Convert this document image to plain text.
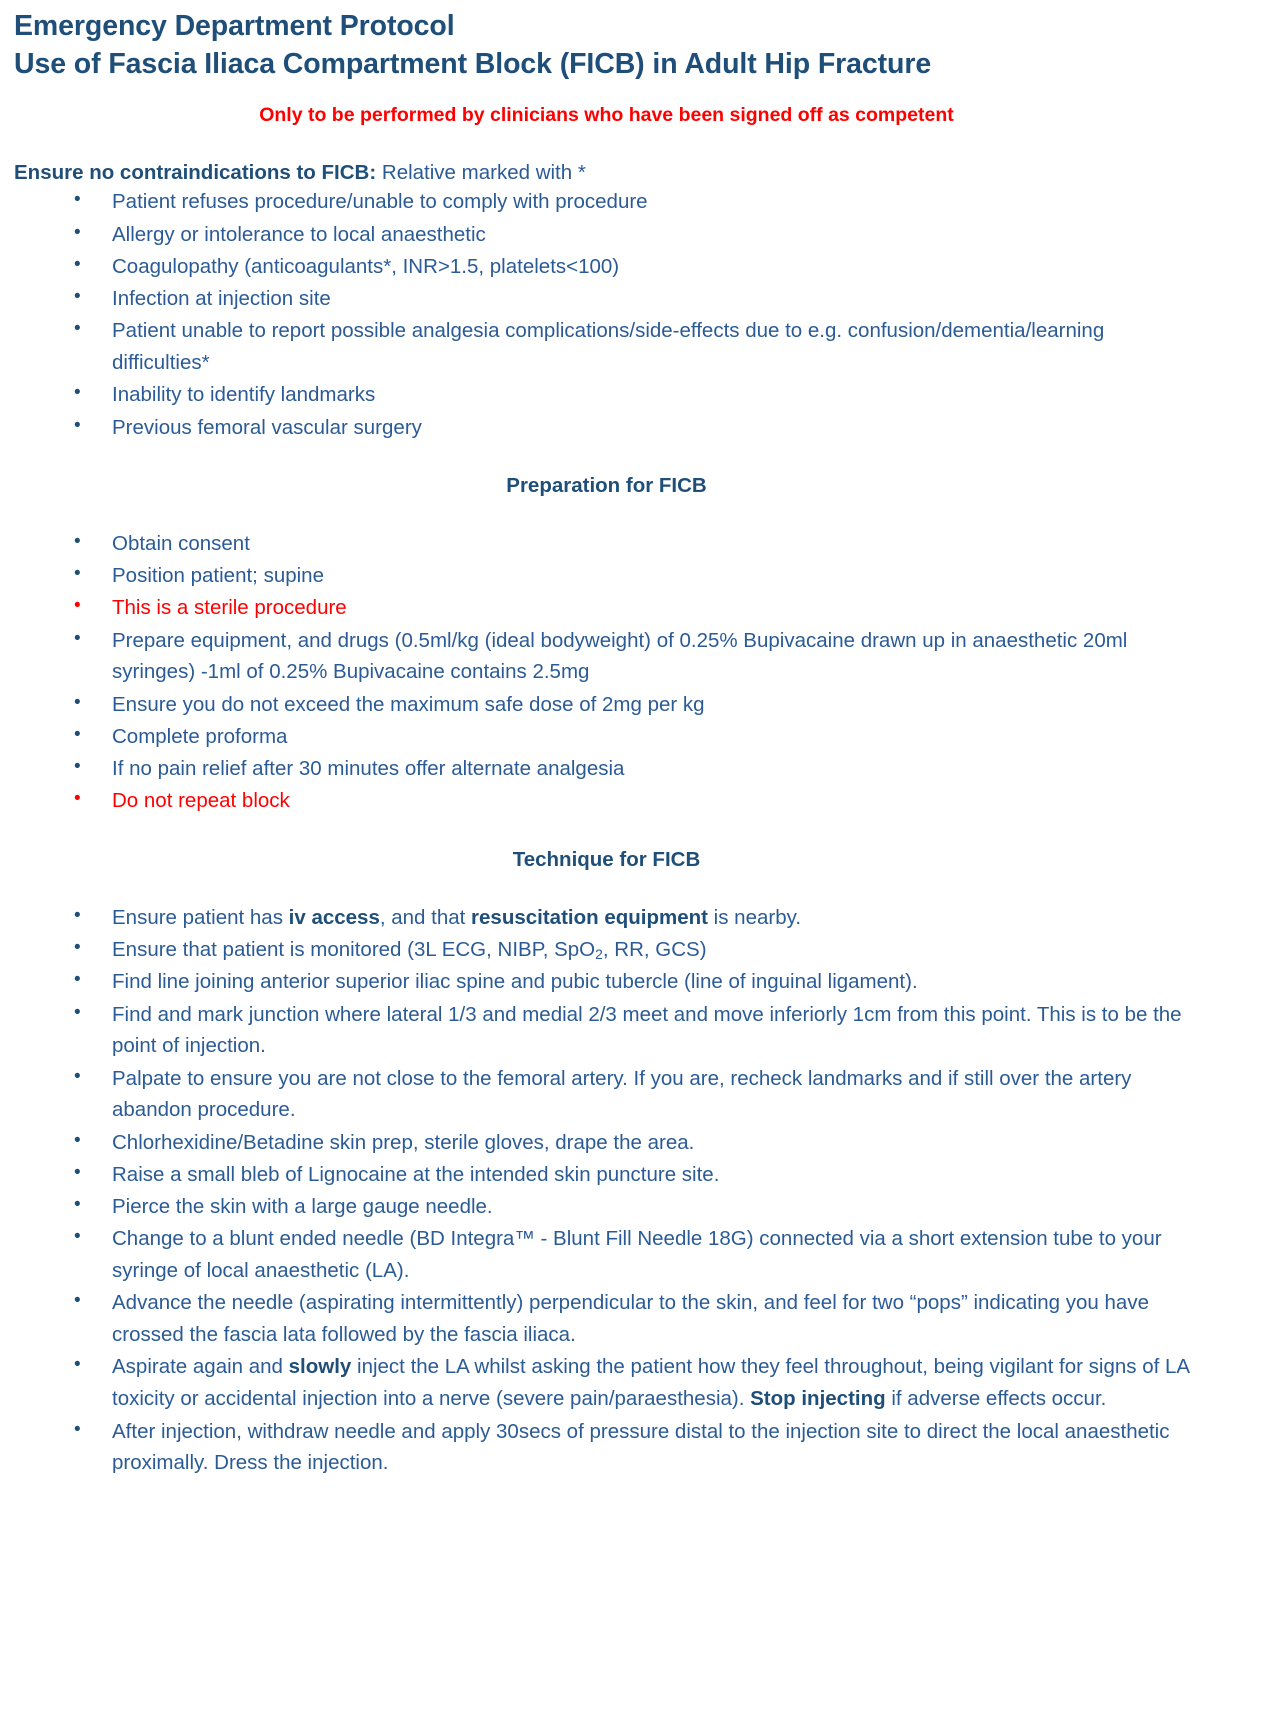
Emergency Department Protocol
Use of Fascia Iliaca Compartment Block (FICB) in Adult Hip Fracture

Only to be performed by clinicians who have been signed off as competent

Ensure no contraindications to FICB: Relative marked with *

• Patient refuses procedure/unable to comply with procedure
• Allergy or intolerance to local anaesthetic
• Coagulopathy (anticoagulants*, INR>1.5, platelets<100)
• Infection at injection site
• Patient unable to report possible analgesia complications/side-effects due to e.g. confusion/dementia/learning difficulties*
• Inability to identify landmarks
• Previous femoral vascular surgery

Preparation for FICB

• Obtain consent
• Position patient; supine
• This is a sterile procedure
• Prepare equipment, and drugs (0.5ml/kg (ideal bodyweight) of 0.25% Bupivacaine drawn up in anaesthetic 20ml syringes) -1ml of 0.25% Bupivacaine contains 2.5mg
• Ensure you do not exceed the maximum safe dose of 2mg per kg
• Complete proforma
• If no pain relief after 30 minutes offer alternate analgesia
• Do not repeat block

Technique for FICB

• Ensure patient has iv access, and that resuscitation equipment is nearby.
• Ensure that patient is monitored (3L ECG, NIBP, SpO$_2$, RR, GCS)
• Find line joining anterior superior iliac spine and pubic tubercle (line of inguinal ligament).
• Find and mark junction where lateral 1/3 and medial 2/3 meet and move inferiorly 1cm from this point. This is to be the point of injection.
• Palpate to ensure you are not close to the femoral artery. If you are, recheck landmarks and if still over the artery abandon procedure.
• Chlorhexidine/Betadine skin prep, sterile gloves, drape the area.
• Raise a small bleb of Lignocaine at the intended skin puncture site.
• Pierce the skin with a large gauge needle.
• Change to a blunt ended needle (BD Integra™ - Blunt Fill Needle 18G) connected via a short extension tube to your syringe of local anaesthetic (LA).
• Advance the needle (aspirating intermittently) perpendicular to the skin, and feel for two “pops” indicating you have crossed the fascia lata followed by the fascia iliaca.
• Aspirate again and slowly inject the LA whilst asking the patient how they feel throughout, being vigilant for signs of LA toxicity or accidental injection into a nerve (severe pain/paraesthesia). Stop injecting if adverse effects occur.
• After injection, withdraw needle and apply 30secs of pressure distal to the injection site to direct the local anaesthetic proximally. Dress the injection.
